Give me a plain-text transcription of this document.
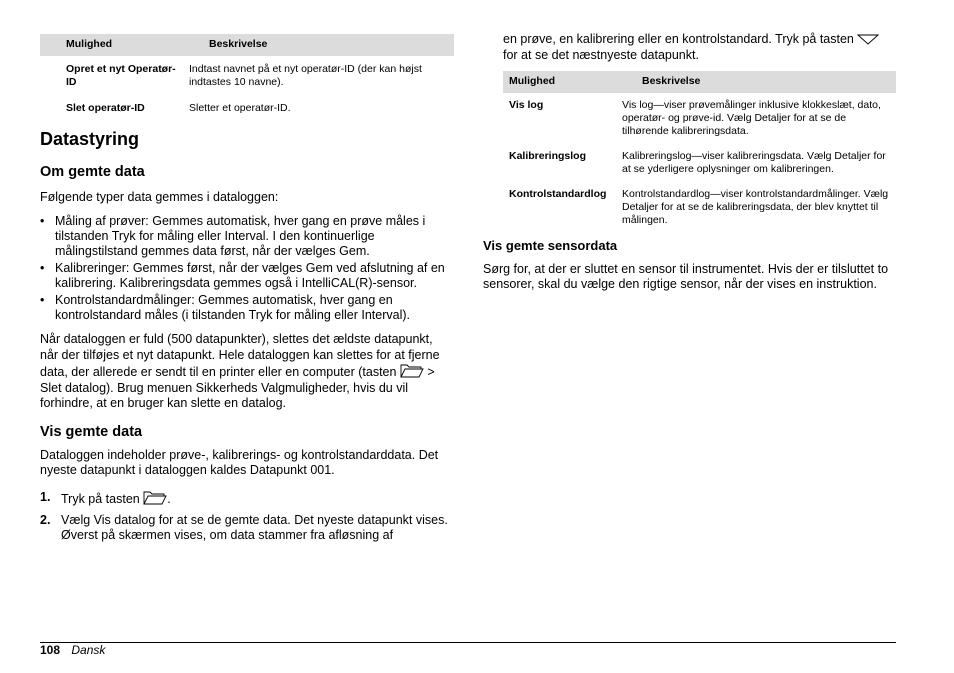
Mulighed	Beskrivelse
Opret et nyt Operatør-ID	Indtast navnet på et nyt operatør-ID (der kan højst indtastes 10 navne).
Slet operatør-ID	Sletter et operatør-ID.
Datastyring
Om gemte data

Følgende typer data gemmes i dataloggen:

• Måling af prøver: Gemmes automatisk, hver gang en prøve måles i tilstanden Tryk for måling eller Interval. I den kontinuerlige målingstilstand gemmes data først, når der vælges Gem.
• Kalibreringer: Gemmes først, når der vælges Gem ved afslutning af en kalibrering. Kalibreringsdata gemmes også i IntelliCAL(R)-sensor.
• Kontrolstandardmålinger: Gemmes automatisk, hver gang en kontrolstandard måles (i tilstanden Tryk for måling eller Interval).

Når dataloggen er fuld (500 datapunkter), slettes det ældste datapunkt, når der tilføjes et nyt datapunkt. Hele dataloggen kan slettes for at fjerne data, der allerede er sendt til en printer eller en computer (tasten > Slet datalog). Brug menuen Sikkerheds Valgmuligheder, hvis du vil forhindre, at en bruger kan slette en datalog.

Vis gemte data

Dataloggen indeholder prøve-, kalibrerings- og kontrolstandarddata. Det nyeste datapunkt i dataloggen kaldes Datapunkt 001.

1. Tryk på tasten .
2. Vælg Vis datalog for at se de gemte data. Det nyeste datapunkt vises. Øverst på skærmen vises, om data stammer fra afløsning af

en prøve, en kalibrering eller en kontrolstandard. Tryk på tasten
for at se det næstnyeste datapunkt.

Mulighed	Beskrivelse
Vis log	Vis log—viser prøvemålinger inklusive klokkeslæt, dato, operatør- og prøve-id. Vælg Detaljer for at se de tilhørende kalibreringsdata.
Kalibreringslog	Kalibreringslog—viser kalibreringsdata. Vælg Detaljer for at se yderligere oplysninger om kalibreringen.
Kontrolstandardlog	Kontrolstandardlog—viser kontrolstandardmålinger. Vælg Detaljer for at se de kalibreringsdata, der blev knyttet til målingen.
Vis gemte sensordata

Sørg for, at der er sluttet en sensor til instrumentet. Hvis der er tilsluttet to sensorer, skal du vælge den rigtige sensor, når der vises en instruktion.

108 Dansk
